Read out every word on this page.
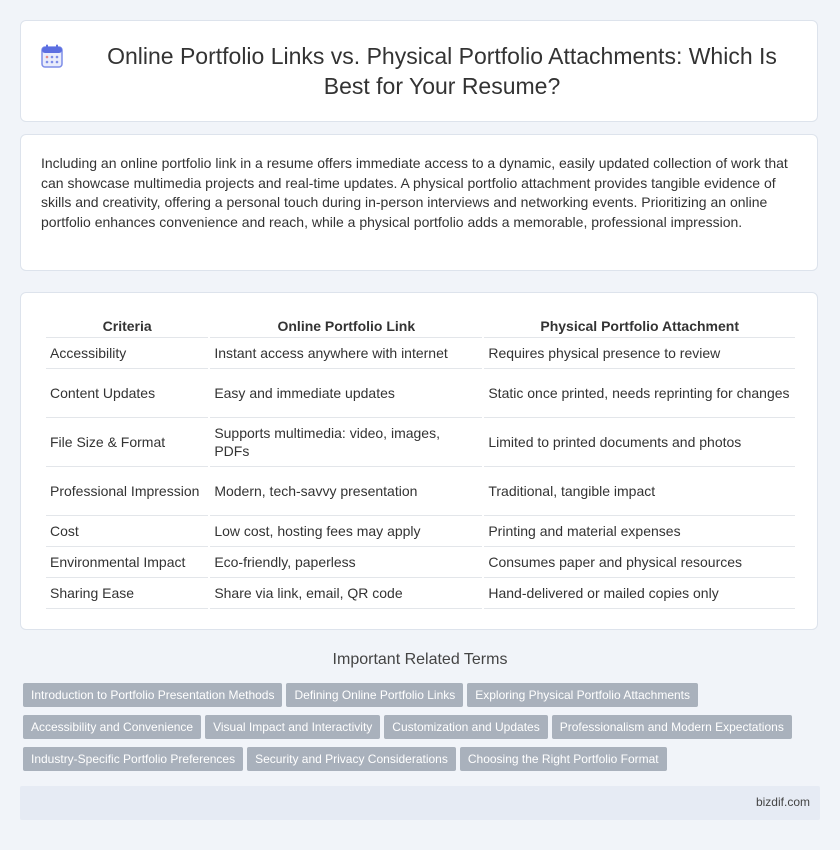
Online Portfolio Links vs. Physical Portfolio Attachments: Which Is Best for Your Resume?

Including an online portfolio link in a resume offers immediate access to a dynamic, easily updated collection of work that can showcase multimedia projects and real-time updates. A physical portfolio attachment provides tangible evidence of skills and creativity, offering a personal touch during in-person interviews and networking events. Prioritizing an online portfolio enhances convenience and reach, while a physical portfolio adds a memorable, professional impression.

Criteria	Online Portfolio Link	Physical Portfolio Attachment
Accessibility	Instant access anywhere with internet	Requires physical presence to review
Content Updates	Easy and immediate updates	Static once printed, needs reprinting for changes
File Size & Format	Supports multimedia: video, images, PDFs	Limited to printed documents and photos
Professional Impression	Modern, tech-savvy presentation	Traditional, tangible impact
Cost	Low cost, hosting fees may apply	Printing and material expenses
Environmental Impact	Eco-friendly, paperless	Consumes paper and physical resources
Sharing Ease	Share via link, email, QR code	Hand-delivered or mailed copies only
Important Related Terms
Introduction to Portfolio Presentation Methods Defining Online Portfolio Links Exploring Physical Portfolio Attachments
Accessibility and Convenience Visual Impact and Interactivity Customization and Updates Professionalism and Modern Expectations
Industry-Specific Portfolio Preferences Security and Privacy Considerations Choosing the Right Portfolio Format
bizdif.com
